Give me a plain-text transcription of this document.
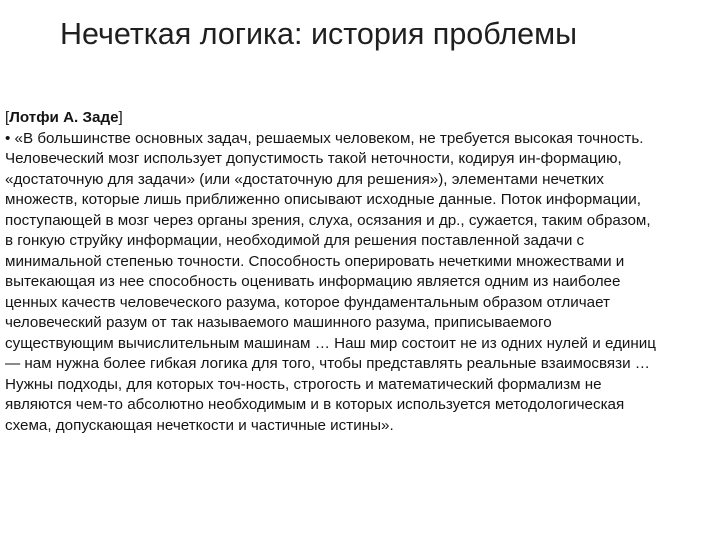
Нечеткая логика: история проблемы
[Лотфи А. Заде]
• «В большинстве основных задач, решаемых человеком, не требуется высокая точность.
Человеческий мозг использует допустимость такой неточности, кодируя ин-формацию,
«достаточную для задачи» (или «достаточную для решения»), элементами нечетких
множеств, которые лишь приближенно описывают исходные данные. Поток информации,
поступающей в мозг через органы зрения, слуха, осязания и др., сужается, таким образом,
в гонкую струйку информации, необходимой для решения поставленной задачи с
минимальной степенью точности. Способность оперировать нечеткими множествами и
вытекающая из нее способность оценивать информацию является одним из наиболее
ценных качеств человеческого разума, которое фундаментальным образом отличает
человеческий разум от так называемого машинного разума, приписываемого
существующим вычислительным машинам … Наш мир состоит не из одних нулей и единиц
— нам нужна более гибкая логика для того, чтобы представлять реальные взаимосвязи …
Нужны подходы, для которых точ-ность, строгость и математический формализм не
являются чем-то абсолютно необходимым и в которых используется методологическая
схема, допускающая нечеткости и частичные истины».
